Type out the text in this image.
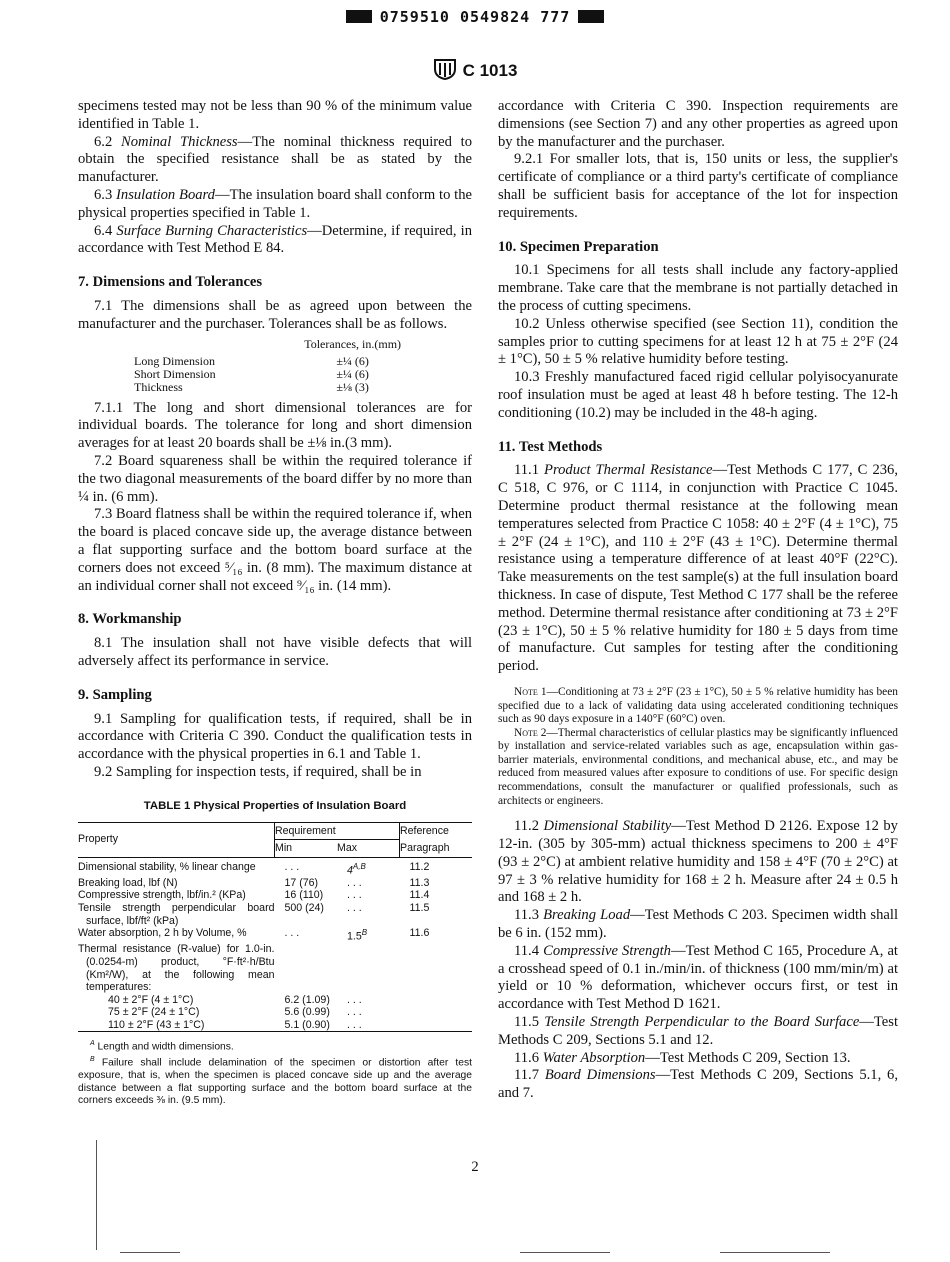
0759510 0549824 777
C 1013

specimens tested may not be less than 90 % of the minimum value identified in Table 1.

6.2 Nominal Thickness—The nominal thickness required to obtain the specified resistance shall be as stated by the manufacturer.

6.3 Insulation Board—The insulation board shall conform to the physical properties specified in Table 1.

6.4 Surface Burning Characteristics—Determine, if required, in accordance with Test Method E 84.

7. Dimensions and Tolerances

7.1 The dimensions shall be as agreed upon between the manufacturer and the purchaser. Tolerances shall be as follows.

	Tolerances, in.(mm)
Long Dimension	±¼ (6)
Short Dimension	±¼ (6)
Thickness	±⅛ (3)

7.1.1 The long and short dimensional tolerances are for individual boards. The tolerance for long and short dimension averages for at least 20 boards shall be ±⅛ in.(3 mm).

7.2 Board squareness shall be within the required tolerance if the two diagonal measurements of the board differ by no more than ¼ in. (6 mm).

7.3 Board flatness shall be within the required tolerance if, when the board is placed concave side up, the average distance between a flat supporting surface and the bottom board surface at the corners does not exceed ⁵⁄₁₆ in. (8 mm). The maximum distance at an individual corner shall not exceed ⁹⁄₁₆ in. (14 mm).

8. Workmanship

8.1 The insulation shall not have visible defects that will adversely affect its performance in service.

9. Sampling

9.1 Sampling for qualification tests, if required, shall be in accordance with Criteria C 390. Conduct the qualification tests in accordance with the physical properties in 6.1 and Table 1.

9.2 Sampling for inspection tests, if required, shall be in

TABLE 1 Physical Properties of Insulation Board
Property	Requirement		Reference
	Min	Max	Paragraph

Dimensional stability, % linear change	. . .	$4^{A,B}$	11.2
Breaking load, lbf (N)	17 (76)	. . .	11.3
Compressive strength, lbf/in.² (KPa)	16 (110)	. . .	11.4
Tensile strength perpendicular board surface, lbf/ft² (kPa)	500 (24)	. . .	11.5
Water absorption, 2 h by Volume, %	. . .	$1.5^B$	11.6
Thermal resistance (R-value) for 1.0-in. (0.0254-m) product, °F·ft²·h/Btu (Km²/W), at the following mean temperatures:			
40 ± 2°F (4 ± 1°C)	6.2 (1.09)	. . .	
75 ± 2°F (24 ± 1°C)	5.6 (0.99)	. . .	
110 ± 2°F (43 ± 1°C)	5.1 (0.90)	. . .	

$^A$ Length and width dimensions.

$^B$ Failure shall include delamination of the specimen or distortion after test exposure, that is, when the specimen is placed concave side up and the average distance between a flat supporting surface and the bottom board surface at the corners exceeds ⅜ in. (9.5 mm).

accordance with Criteria C 390. Inspection requirements are dimensions (see Section 7) and any other properties as agreed upon by the manufacturer and the purchaser.

9.2.1 For smaller lots, that is, 150 units or less, the supplier's certificate of compliance or a third party's certificate of compliance shall be sufficient basis for acceptance of the lot for inspection requirements.

10. Specimen Preparation

10.1 Specimens for all tests shall include any factory-applied membrane. Take care that the membrane is not partially detached in the process of cutting specimens.

10.2 Unless otherwise specified (see Section 11), condition the samples prior to cutting specimens for at least 12 h at 75 ± 2°F (24 ± 1°C), 50 ± 5 % relative humidity before testing.

10.3 Freshly manufactured faced rigid cellular polyisocyanurate roof insulation must be aged at least 48 h before testing. The 12-h conditioning (10.2) may be included in the 48-h aging.

11. Test Methods

11.1 Product Thermal Resistance—Test Methods C 177, C 236, C 518, C 976, or C 1114, in conjunction with Practice C 1045. Determine product thermal resistance at the following mean temperatures selected from Practice C 1058: 40 ± 2°F (4 ± 1°C), 75 ± 2°F (24 ± 1°C), and 110 ± 2°F (43 ± 1°C). Determine thermal resistance using a temperature difference of at least 40°F (22°C). Take measurements on the test sample(s) at the full insulation board thickness. In case of dispute, Test Method C 177 shall be the referee method. Determine thermal resistance after conditioning at 73 ± 2°F (23 ± 1°C), 50 ± 5 % relative humidity for 180 ± 5 days from time of manufacture. Cut samples for testing after the conditioning period.

Note 1—Conditioning at 73 ± 2°F (23 ± 1°C), 50 ± 5 % relative humidity has been specified due to a lack of validating data using accelerated conditioning techniques such as 90 days exposure in a 140°F (60°C) oven.

Note 2—Thermal characteristics of cellular plastics may be significantly influenced by installation and service-related variables such as age, encapsulation within gas-barrier materials, environmental conditions, and mechanical abuse, etc., and may be reduced from measured values after exposure to conditions of use. For specific design recommendations, consult the manufacturer or qualified professionals, such as architects or engineers.

11.2 Dimensional Stability—Test Method D 2126. Expose 12 by 12-in. (305 by 305-mm) actual thickness specimens to 200 ± 4°F (93 ± 2°C) at ambient relative humidity and 158 ± 4°F (70 ± 2°C) at 97 ± 3 % relative humidity for 168 ± 2 h. Measure after 24 ± 0.5 h and 168 ± 2 h.

11.3 Breaking Load—Test Methods C 203. Specimen width shall be 6 in. (152 mm).

11.4 Compressive Strength—Test Method C 165, Procedure A, at a crosshead speed of 0.1 in./min/in. of thickness (100 mm/min/m) at yield or 10 % deformation, whichever occurs first, or test in accordance with Test Method D 1621.

11.5 Tensile Strength Perpendicular to the Board Surface—Test Methods C 209, Sections 5.1 and 12.

11.6 Water Absorption—Test Methods C 209, Section 13.

11.7 Board Dimensions—Test Methods C 209, Sections 5.1, 6, and 7.

2
